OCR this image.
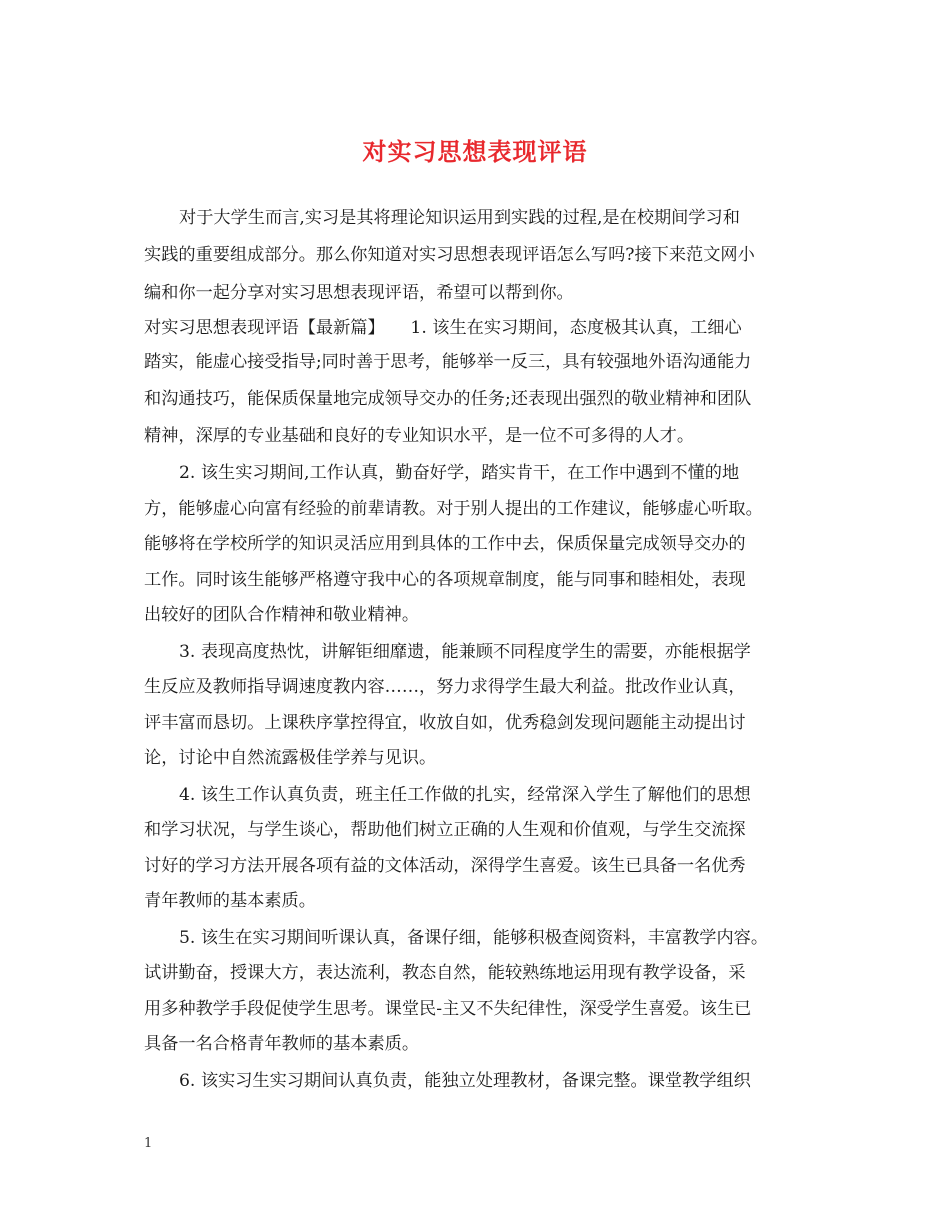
对实习思想表现评语
对于大学生而言,实习是其将理论知识运用到实践的过程,是在校期间学习和
实践的重要组成部分。那么你知道对实习思想表现评语怎么写吗?接下来范文网小
编和你一起分享对实习思想表现评语，希望可以帮到你。
对实习思想表现评语【最新篇】　　1. 该生在实习期间，态度极其认真，工细心
踏实，能虚心接受指导;同时善于思考，能够举一反三，具有较强地外语沟通能力
和沟通技巧，能保质保量地完成领导交办的任务;还表现出强烈的敬业精神和团队
精神，深厚的专业基础和良好的专业知识水平，是一位不可多得的人才。
2. 该生实习期间,工作认真，勤奋好学，踏实肯干，在工作中遇到不懂的地
方，能够虚心向富有经验的前辈请教。对于别人提出的工作建议，能够虚心听取。
能够将在学校所学的知识灵活应用到具体的工作中去，保质保量完成领导交办的
工作。同时该生能够严格遵守我中心的各项规章制度，能与同事和睦相处，表现
出较好的团队合作精神和敬业精神。
3. 表现高度热忱，讲解钜细靡遗，能兼顾不同程度学生的需要，亦能根据学
生反应及教师指导调速度教内容……，努力求得学生最大利益。批改作业认真，
评丰富而恳切。上课秩序掌控得宜，收放自如，优秀稳剑发现问题能主动提出讨
论，讨论中自然流露极佳学养与见识。
4. 该生工作认真负责，班主任工作做的扎实，经常深入学生了解他们的思想
和学习状况，与学生谈心，帮助他们树立正确的人生观和价值观，与学生交流探
讨好的学习方法开展各项有益的文体活动，深得学生喜爱。该生已具备一名优秀
青年教师的基本素质。
5. 该生在实习期间听课认真，备课仔细，能够积极查阅资料，丰富教学内容。
试讲勤奋，授课大方，表达流利，教态自然，能较熟练地运用现有教学设备，采
用多种教学手段促使学生思考。课堂民-主又不失纪律性，深受学生喜爱。该生已
具备一名合格青年教师的基本素质。
6. 该实习生实习期间认真负责，能独立处理教材，备课完整。课堂教学组织
1
